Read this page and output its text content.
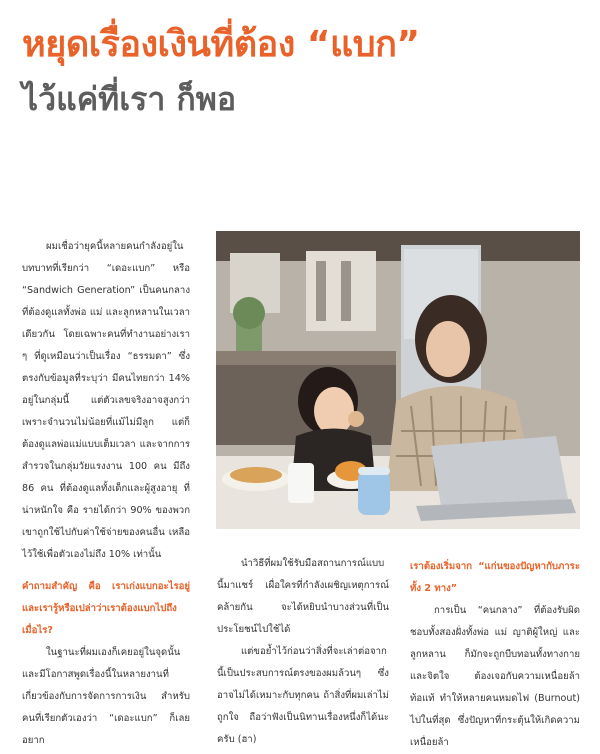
หยุดเรื่องเงินที่ต้อง “แบก”
ไว้แค่ที่เรา ก็พอ

ผมเชื่อว่ายุคนี้หลายคนกำลังอยู่ในบทบาทที่เรียกว่า “เดอะแบก” หรือ “Sandwich Generation” เป็นคนกลางที่ต้องดูแลทั้งพ่อ แม่ และลูกหลานในเวลาเดียวกัน โดยเฉพาะคนที่ทำงานอย่างเรา ๆ ที่ดูเหมือนว่าเป็นเรื่อง “ธรรมดา” ซึ่งตรงกับข้อมูลที่ระบุว่า มีคนไทยกว่า 14% อยู่ในกลุ่มนี้ แต่ตัวเลขจริงอาจสูงกว่า เพราะจำนวนไม่น้อยที่แม้ไม่มีลูก แต่ก็ต้องดูแลพ่อแม่แบบเต็มเวลา และจากการสำรวจในกลุ่มวัยแรงงาน 100 คน มีถึง 86 คน ที่ต้องดูแลทั้งเด็กและผู้สูงอายุ ที่น่าหนักใจ คือ รายได้กว่า 90% ของพวกเขาถูกใช้ไปกับค่าใช้จ่ายของคนอื่น เหลือไว้ใช้เพื่อตัวเองไม่ถึง 10% เท่านั้น

คำถามสำคัญ คือ เราเก่งแบกอะไรอยู่ และเรารู้หรือเปล่าว่าเราต้องแบกไปถึงเมื่อไร?

ในฐานะที่ผมเองก็เคยอยู่ในจุดนั้น และมีโอกาสพูดเรื่องนี้ในหลายงานที่เกี่ยวข้องกับการจัดการการเงิน สำหรับคนที่เรียกตัวเองว่า “เดอะแบก” ก็เลยอยาก

นำวิธีที่ผมใช้รับมือสถานการณ์แบบนี้มาแชร์ เผื่อใครที่กำลังเผชิญเหตุการณ์คล้ายกัน จะได้หยิบนำบางส่วนที่เป็นประโยชน์ไปใช้ได้

แต่ขอย้ำไว้ก่อนว่าสิ่งที่จะเล่าต่อจากนี้เป็นประสบการณ์ตรงของผมล้วนๆ ซึ่งอาจไม่ได้เหมาะกับทุกคน ถ้าสิ่งที่ผมเล่าไม่ถูกใจ ถือว่าฟังเป็นนิทานเรื่องหนึ่งก็ได้นะครับ (ฮา)

เราต้องเริ่มจาก “แก่นของปัญหากับภาระทั้ง 2 ทาง”

การเป็น “คนกลาง” ที่ต้องรับผิดชอบทั้งสองฝั่งทั้งพ่อ แม่ ญาติผู้ใหญ่ และลูกหลาน ก็มักจะถูกบีบทอนทั้งทางกายและจิตใจ ต้องเจอกับความเหนื่อยล้า ท้อแท้ ทำให้หลายคนหมดไฟ (Burnout) ไปในที่สุด ซึ่งปัญหาที่กระตุ้นให้เกิดความเหนื่อยล้า
